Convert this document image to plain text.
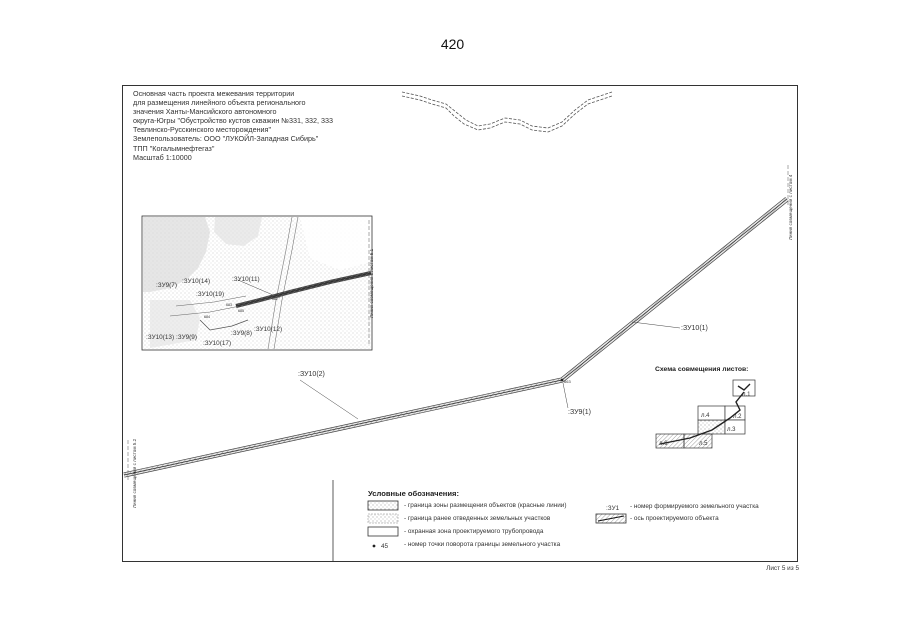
420
Основная часть проекта межевания территории
для размещения линейного объекта регионального
значения Ханты-Мансийского автономного
округа-Югры "Обустройство кустов скважин №331, 332, 333
Тевлинско-Русскинского месторождения"
Землепользователь: ООО "ЛУКОЙЛ-Западная Сибирь"
ТПП "Когалымнефтегаз"
Масштаб 1:10000
Линия совмещения с листом 4
Линия совмещения с листом 5.2
Линия совмещения с листом 5.1
:ЗУ10(1)
:ЗУ10(2)
:ЗУ9(1)
663
:ЗУ10(11)
:ЗУ10(14)
:ЗУ9(7)
:ЗУ10(19)
:ЗУ9(8)
:ЗУ10(12)
:ЗУ10(17)
:ЗУ10(13) :ЗУ9(9)
682
685
683
684
л.1
л.2
л.3
л.4
л.5
л.6
45
:ЗУ1
Условные обозначения:
- граница зоны размещения объектов (красные линии)
- граница ранее отведенных земельных участков
- охранная зона проектируемого трубопровода
- номер точки поворота границы земельного участка
- номер формируемого земельного участка
- ось проектируемого объекта
Схема совмещения листов:
Лист 5 из 5
